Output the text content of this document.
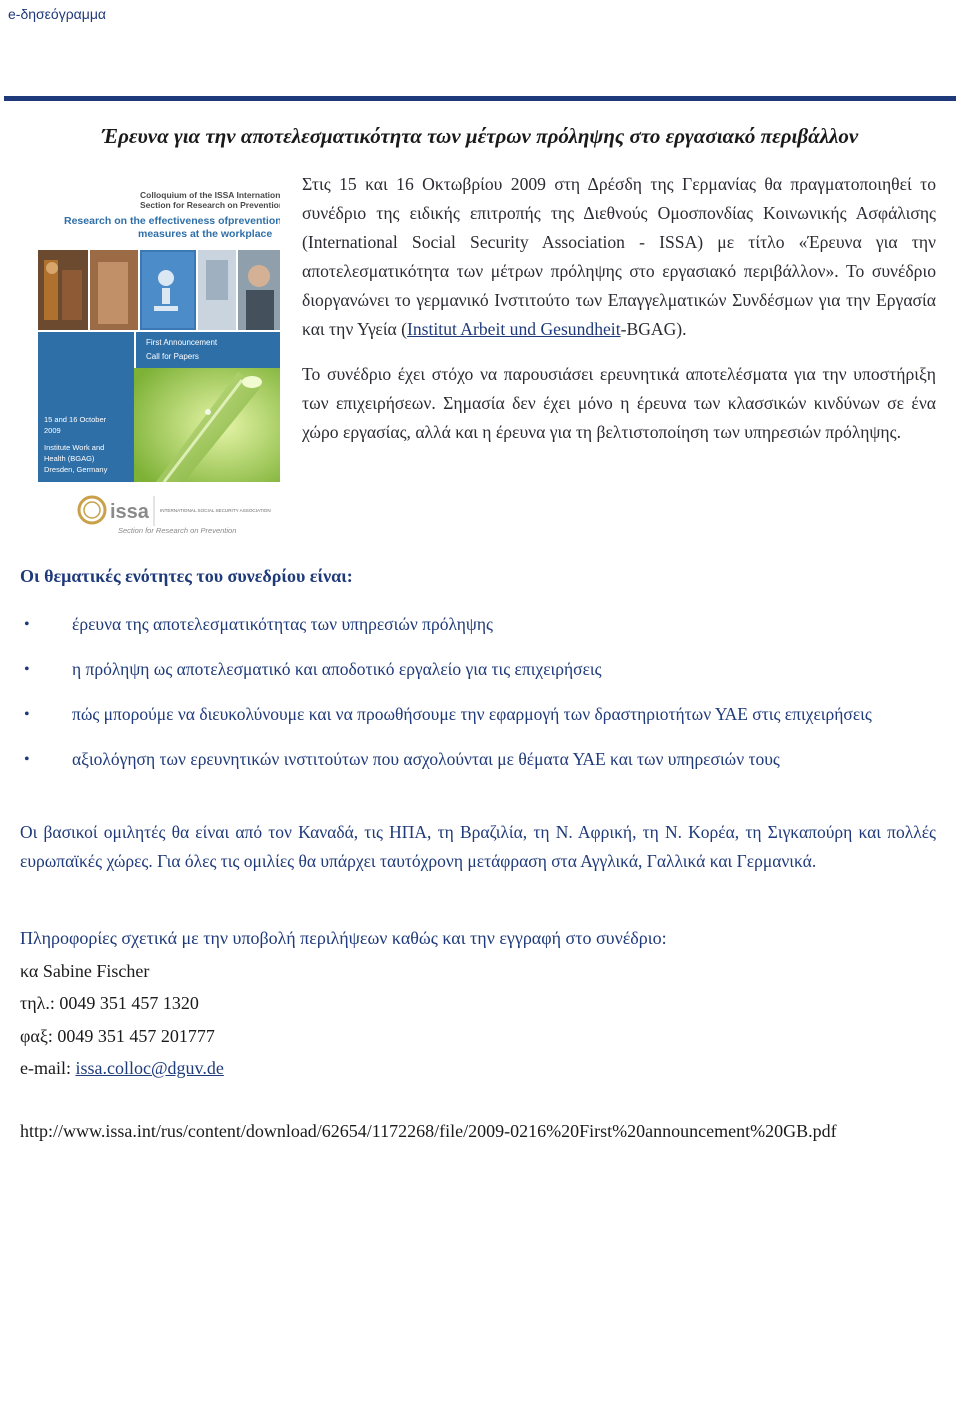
e-δησεόγραμμα
Έρευνα για την αποτελεσματικότητα των μέτρων πρόληψης στο εργασιακό περιβάλλον
Colloquium of the ISSA International
Section for Research on Prevention
Research on the effectiveness ofprevention
measures at the workplace
First Announcement
Call for Papers
15 and 16 October
2009
Institute Work and
Health (BGAG)
Dresden, Germany
issa INTERNATIONAL SOCIAL SECURITY ASSOCIATION
Section for Research on Prevention

Στις 15 και 16 Οκτωβρίου 2009 στη Δρέσδη της Γερμανίας θα πραγματοποιηθεί το συνέδριο της ειδικής επιτροπής της Διεθνούς Ομοσπονδίας Κοινωνικής Ασφάλισης (International Social Security Association - ISSA) με τίτλο «Έρευνα για την αποτελεσματικότητα των μέτρων πρόληψης στο εργασιακό περιβάλλον». Το συνέδριο διοργανώνει το γερμανικό Ινστιτούτο των Επαγγελματικών Συνδέσμων για την Εργασία και την Υγεία (Institut Arbeit und Gesundheit-BGAG).

Το συνέδριο έχει στόχο να παρουσιάσει ερευνητικά αποτελέσματα για την υποστήριξη των επιχειρήσεων. Σημασία δεν έχει μόνο η έρευνα των κλασσικών κινδύνων σε ένα χώρο εργασίας, αλλά και η έρευνα για τη βελτιστοποίηση των υπηρεσιών πρόληψης.

Οι θεματικές ενότητες του συνεδρίου είναι:
• έρευνα της αποτελεσματικότητας των υπηρεσιών πρόληψης
• η πρόληψη ως αποτελεσματικό και αποδοτικό εργαλείο για τις επιχειρήσεις
• πώς μπορούμε να διευκολύνουμε και να προωθήσουμε την εφαρμογή των δραστηριοτήτων ΥΑΕ στις επιχειρήσεις
• αξιολόγηση των ερευνητικών ινστιτούτων που ασχολούνται με θέματα ΥΑΕ και των υπηρεσιών τους
Οι βασικοί ομιλητές θα είναι από τον Καναδά, τις ΗΠΑ, τη Βραζιλία, τη Ν. Αφρική, τη Ν. Κορέα, τη Σιγκαπούρη και πολλές ευρωπαϊκές χώρες. Για όλες τις ομιλίες θα υπάρχει ταυτόχρονη μετάφραση στα Αγγλικά, Γαλλικά και Γερμανικά.
Πληροφορίες σχετικά με την υποβολή περιλήψεων καθώς και την εγγραφή στο συνέδριο:
κα Sabine Fischer
τηλ.: 0049 351 457 1320
φαξ: 0049 351 457 201777
e-mail: issa.colloc@dguv.de
http://www.issa.int/rus/content/download/62654/1172268/file/2009-0216%20First%20announcement%20GB.pdf
